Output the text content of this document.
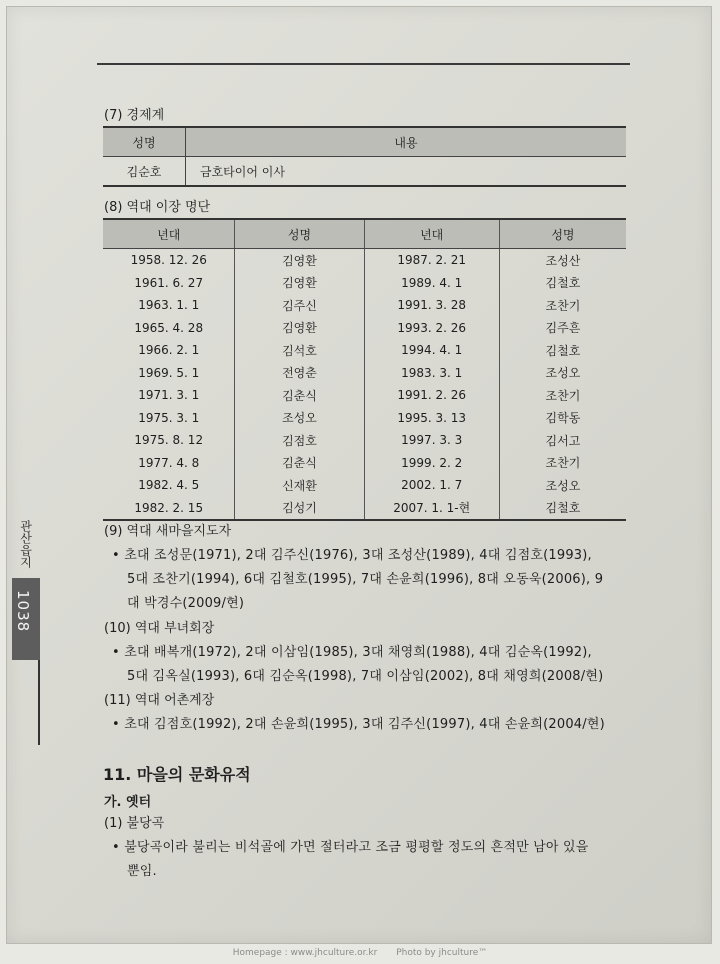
(7) 경제계
성명	내용
김순호	금호타이어 이사
(8) 역대 이장 명단
년대	성명	년대	성명
1958. 12. 26	김영환	1987. 2. 21	조성산
1961. 6. 27	김영환	1989. 4. 1	김철호
1963. 1. 1	김주신	1991. 3. 28	조찬기
1965. 4. 28	김영환	1993. 2. 26	김주흔
1966. 2. 1	김석호	1994. 4. 1	김철호
1969. 5. 1	전영춘	1983. 3. 1	조성오
1971. 3. 1	김춘식	1991. 2. 26	조찬기
1975. 3. 1	조성오	1995. 3. 13	김학동
1975. 8. 12	김점호	1997. 3. 3	김서고
1977. 4. 8	김춘식	1999. 2. 2	조찬기
1982. 4. 5	신재환	2002. 1. 7	조성오
1982. 2. 15	김성기	2007. 1. 1-현	김철호
(9) 역대 새마을지도자
• 초대 조성문(1971), 2대 김주신(1976), 3대 조성산(1989), 4대 김점호(1993),
5대 조찬기(1994), 6대 김철호(1995), 7대 손윤희(1996), 8대 오동욱(2006), 9
대 박경수(2009/현)
(10) 역대 부녀회장
• 초대 배복개(1972), 2대 이삼임(1985), 3대 채영희(1988), 4대 김순옥(1992),
5대 김옥실(1993), 6대 김순옥(1998), 7대 이삼임(2002), 8대 채영희(2008/현)
(11) 역대 어촌계장
• 초대 김점호(1992), 2대 손윤희(1995), 3대 김주신(1997), 4대 손윤희(2004/현)
11. 마을의 문화유적
가. 옛터
(1) 불당곡
• 불당곡이라 불리는 비석골에 가면 절터라고 조금 평평할 정도의 흔적만 남아 있을
뿐임.
관산읍지
1038
Homepage : www.jhculture.or.kr Photo by jhculture™
